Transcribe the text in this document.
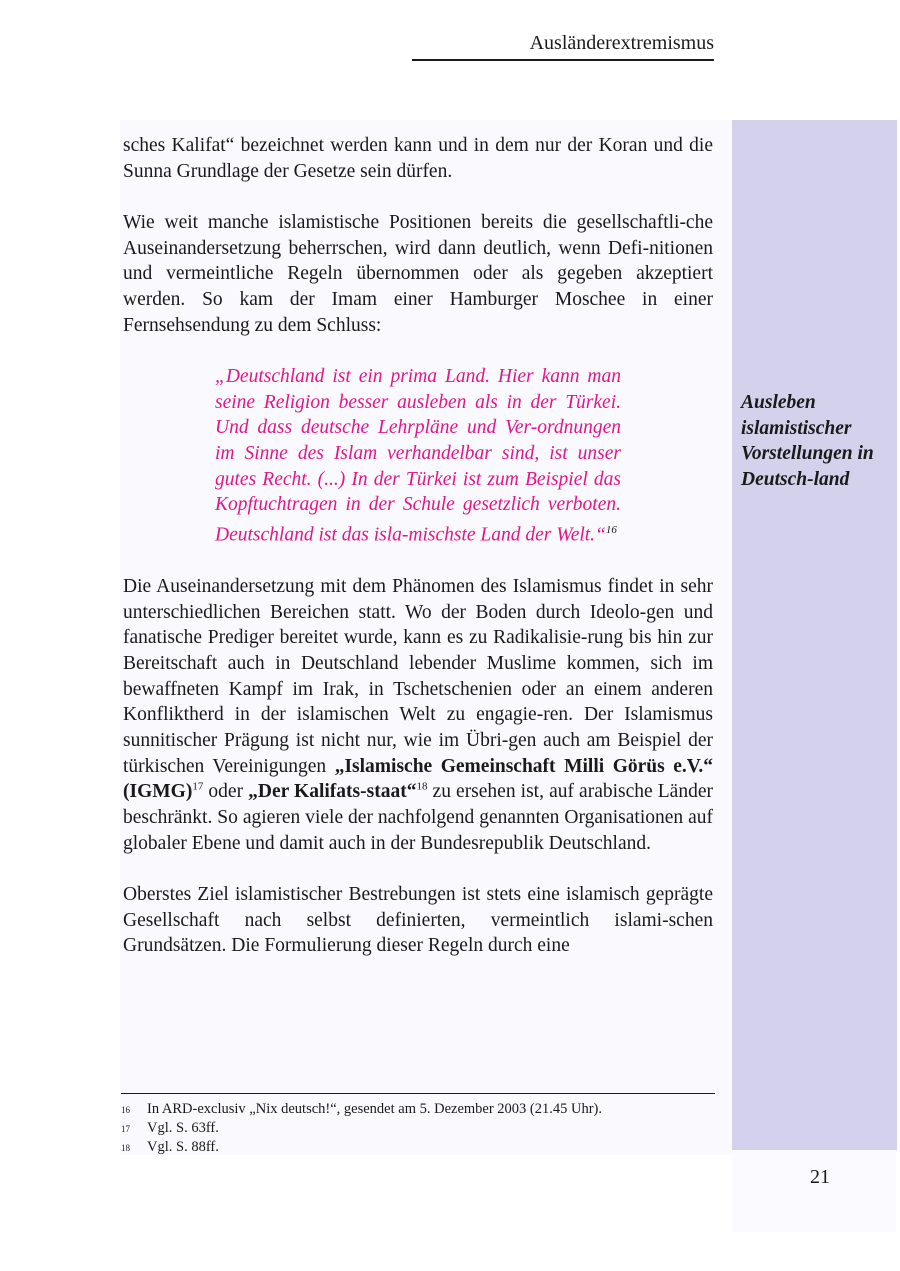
Ausländerextremismus
Ausleben islamistischer Vorstellungen in Deutsch-land

sches Kalifat“ bezeichnet werden kann und in dem nur der Koran und die Sunna Grundlage der Gesetze sein dürfen.

Wie weit manche islamistische Positionen bereits die gesellschaftli-che Auseinandersetzung beherrschen, wird dann deutlich, wenn Defi-nitionen und vermeintliche Regeln übernommen oder als gegeben akzeptiert werden. So kam der Imam einer Hamburger Moschee in einer Fernsehsendung zu dem Schluss:

„Deutschland ist ein prima Land. Hier kann man seine Religion besser ausleben als in der Türkei. Und dass deutsche Lehrpläne und Ver-ordnungen im Sinne des Islam verhandelbar sind, ist unser gutes Recht. (...) In der Türkei ist zum Beispiel das Kopftuchtragen in der Schule gesetzlich verboten. Deutschland ist das isla-mischste Land der Welt.“$^{16}$

Die Auseinandersetzung mit dem Phänomen des Islamismus findet in sehr unterschiedlichen Bereichen statt. Wo der Boden durch Ideolo-gen und fanatische Prediger bereitet wurde, kann es zu Radikalisie-rung bis hin zur Bereitschaft auch in Deutschland lebender Muslime kommen, sich im bewaffneten Kampf im Irak, in Tschetschenien oder an einem anderen Konfliktherd in der islamischen Welt zu engagie-ren. Der Islamismus sunnitischer Prägung ist nicht nur, wie im Übri-gen auch am Beispiel der türkischen Vereinigungen „Islamische Gemeinschaft Milli Görüs e.V.“ (IGMG)$^{17}$ oder „Der Kalifats-staat“$^{18}$ zu ersehen ist, auf arabische Länder beschränkt. So agieren viele der nachfolgend genannten Organisationen auf globaler Ebene und damit auch in der Bundesrepublik Deutschland.

Oberstes Ziel islamistischer Bestrebungen ist stets eine islamisch geprägte Gesellschaft nach selbst definierten, vermeintlich islami-schen Grundsätzen. Die Formulierung dieser Regeln durch eine

16	In ARD-exclusiv „Nix deutsch!“, gesendet am 5. Dezember 2003 (21.45 Uhr).
17	Vgl. S. 63ff.
18	Vgl. S. 88ff.
21
